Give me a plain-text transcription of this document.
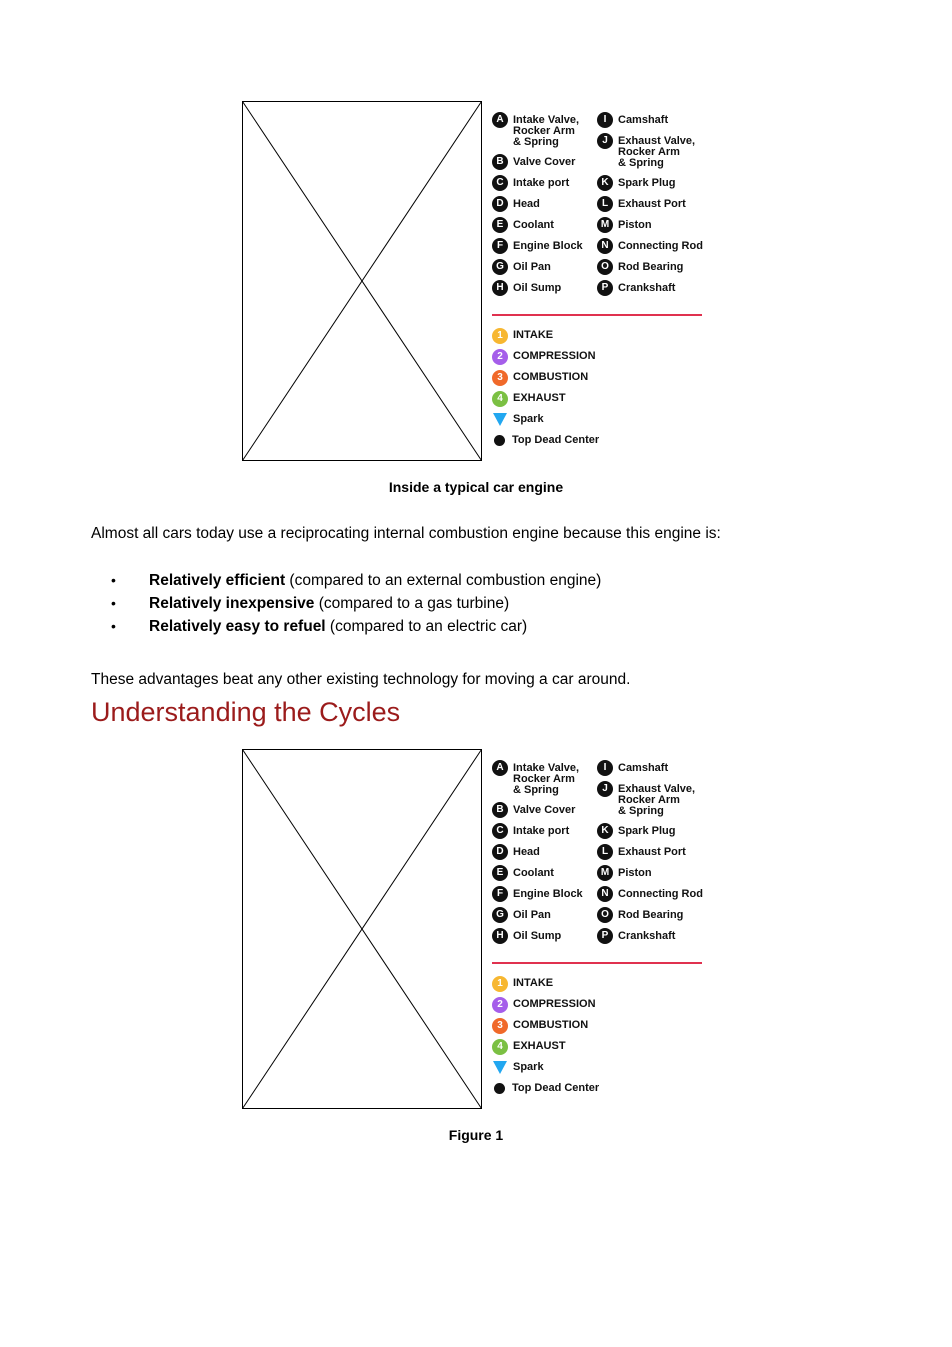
A Intake Valve,
Rocker Arm
& Spring
B Valve Cover
C Intake port
D Head
E Coolant
F Engine Block
G Oil Pan
H Oil Sump
I	Camshaft
J Exhaust Valve,
Rocker Arm
& Spring
K Spark Plug
L Exhaust Port
M Piston
N Connecting Rod
O Rod Bearing
P Crankshaft
1 INTAKE
2 COMPRESSION
3 COMBUSTION
4 EXHAUST
Spark
Top Dead Center
Inside a typical car engine
Almost all cars today use a reciprocating internal combustion engine because this engine is:
•	Relatively efficient (compared to an external combustion engine)
•	Relatively inexpensive (compared to a gas turbine)
•	Relatively easy to refuel (compared to an electric car)
These advantages beat any other existing technology for moving a car around.
Understanding the Cycles
A Intake Valve,
Rocker Arm
& Spring
B Valve Cover
C Intake port
D Head
E Coolant
F Engine Block
G Oil Pan
H Oil Sump
I	Camshaft
J Exhaust Valve,
Rocker Arm
& Spring
K Spark Plug
L Exhaust Port
M Piston
N Connecting Rod
O Rod Bearing
P Crankshaft
1 INTAKE
2 COMPRESSION
3 COMBUSTION
4 EXHAUST
Spark
Top Dead Center
Figure 1
